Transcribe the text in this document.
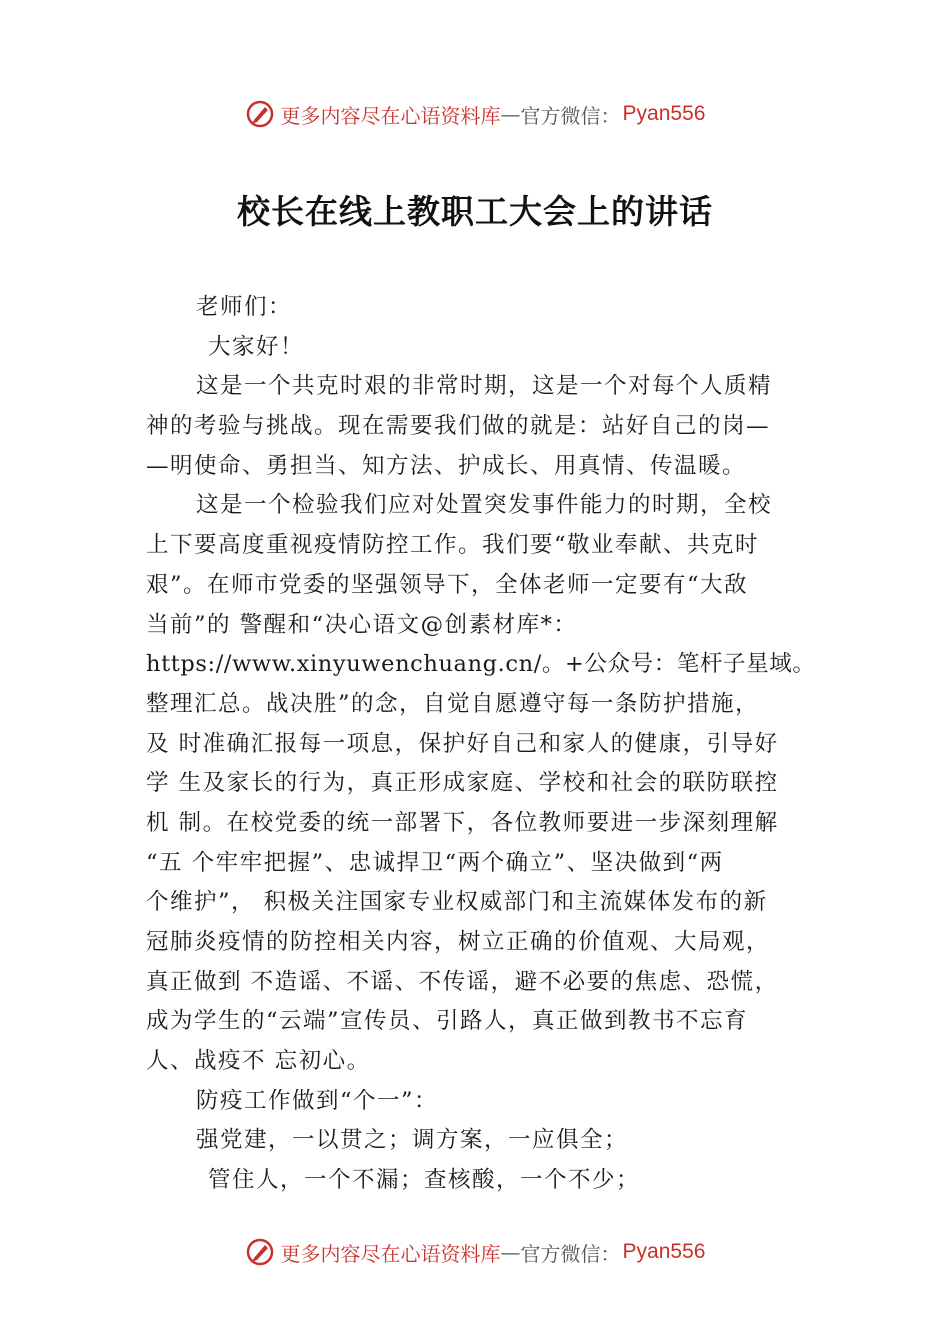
更多内容尽在心语资料库 — 官方微信： Pyan556
校长在线上教职工大会上的讲话
老师们：
大家好！
这是一个共克时艰的非常时期，这是一个对每个人质精
神的考验与挑战。现在需要我们做的就是：站好自己的岗—
—明使命、勇担当、知方法、护成长、用真情、传温暖。
这是一个检验我们应对处置突发事件能力的时期，全校
上下要高度重视疫情防控工作。我们要“敬业奉献、共克时
艰”。在师市党委的坚强领导下，全体老师一定要有“大敌
当前”的 警醒和“决心语文@创素材库*：
https://www.xinyuwenchuang.cn/。+公众号：笔杆子星域。
整理汇总。战决胜”的念，自觉自愿遵守每一条防护措施，
及 时准确汇报每一项息，保护好自己和家人的健康，引导好
学 生及家长的行为，真正形成家庭、学校和社会的联防联控
机 制。在校党委的统一部署下，各位教师要进一步深刻理解
“五 个牢牢把握”、忠诚捍卫“两个确立”、坚决做到“两
个维护”， 积极关注国家专业权威部门和主流媒体发布的新
冠肺炎疫情的防控相关内容，树立正确的价值观、大局观，
真正做到 不造谣、不谣、不传谣，避不必要的焦虑、恐慌，
成为学生的“云端”宣传员、引路人，真正做到教书不忘育
人、战疫不 忘初心。
防疫工作做到“个一”：
强党建，一以贯之；调方案，一应俱全；
管住人，一个不漏；查核酸，一个不少；
更多内容尽在心语资料库 — 官方微信： Pyan556
